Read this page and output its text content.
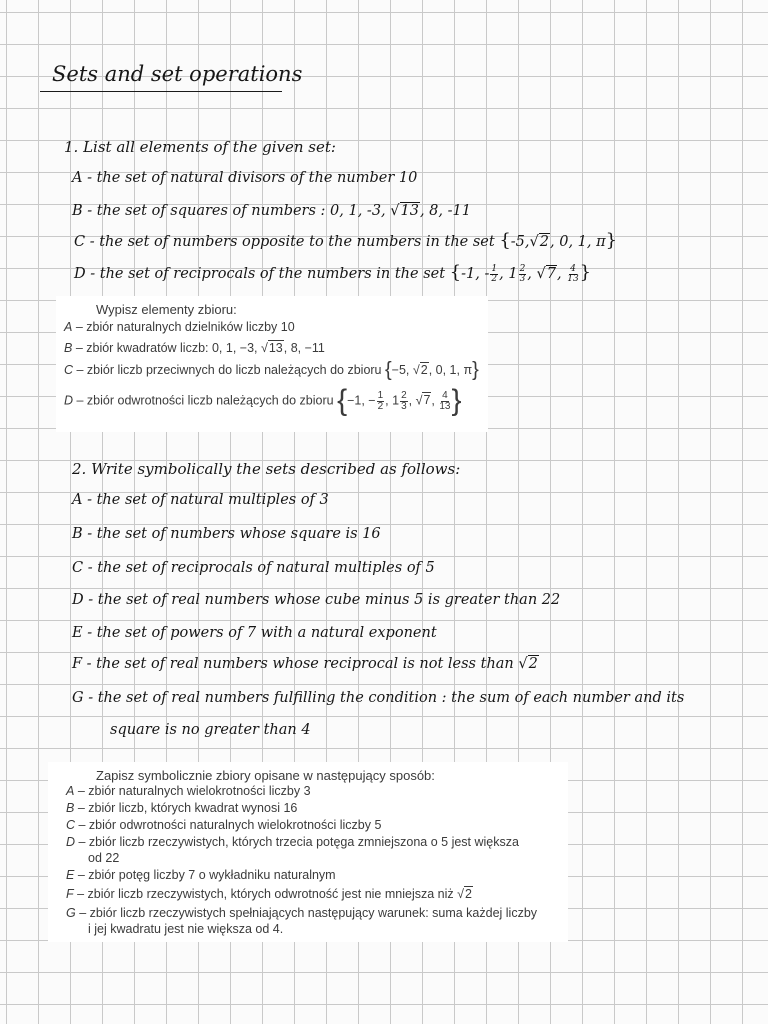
Sets and set operations
1. List all elements of the given set:
A - the set of natural divisors of the number 10
B - the set of squares of numbers : 0, 1, -3, √13, 8, -11
C - the set of numbers opposite to the numbers in the set {-5,√2, 0, 1, π}
D - the set of reciprocals of the numbers in the set {-1, - $\frac{1}{2}$ , $1 \frac{2}{3}$ , √7, $\frac{4}{13}$ }
Wypisz elementy zbioru:
A – zbiór naturalnych dzielników liczby 10
B – zbiór kwadratów liczb: 0, 1, −3, √13, 8, −11
C – zbiór liczb przeciwnych do liczb należących do zbioru {−5, √2, 0, 1, π}
D – zbiór odwrotności liczb należących do zbioru {−1, − $\frac{1}{2}$ , $1 \frac{2}{3}$ , √7, $\frac{4}{13}$ }
2. Write symbolically the sets described as follows:
A - the set of natural multiples of 3
B - the set of numbers whose square is 16
C - the set of reciprocals of natural multiples of 5
D - the set of real numbers whose cube minus 5 is greater than 22
E - the set of powers of 7 with a natural exponent
F - the set of real numbers whose reciprocal is not less than √2
G - the set of real numbers fulfilling the condition : the sum of each number and its
square is no greater than 4
Zapisz symbolicznie zbiory opisane w następujący sposób:
A – zbiór naturalnych wielokrotności liczby 3
B – zbiór liczb, których kwadrat wynosi 16
C – zbiór odwrotności naturalnych wielokrotności liczby 5
D – zbiór liczb rzeczywistych, których trzecia potęga zmniejszona o 5 jest większa
od 22
E – zbiór potęg liczby 7 o wykładniku naturalnym
F – zbiór liczb rzeczywistych, których odwrotność jest nie mniejsza niż √2
G – zbiór liczb rzeczywistych spełniających następujący warunek: suma każdej liczby
i jej kwadratu jest nie większa od 4.
